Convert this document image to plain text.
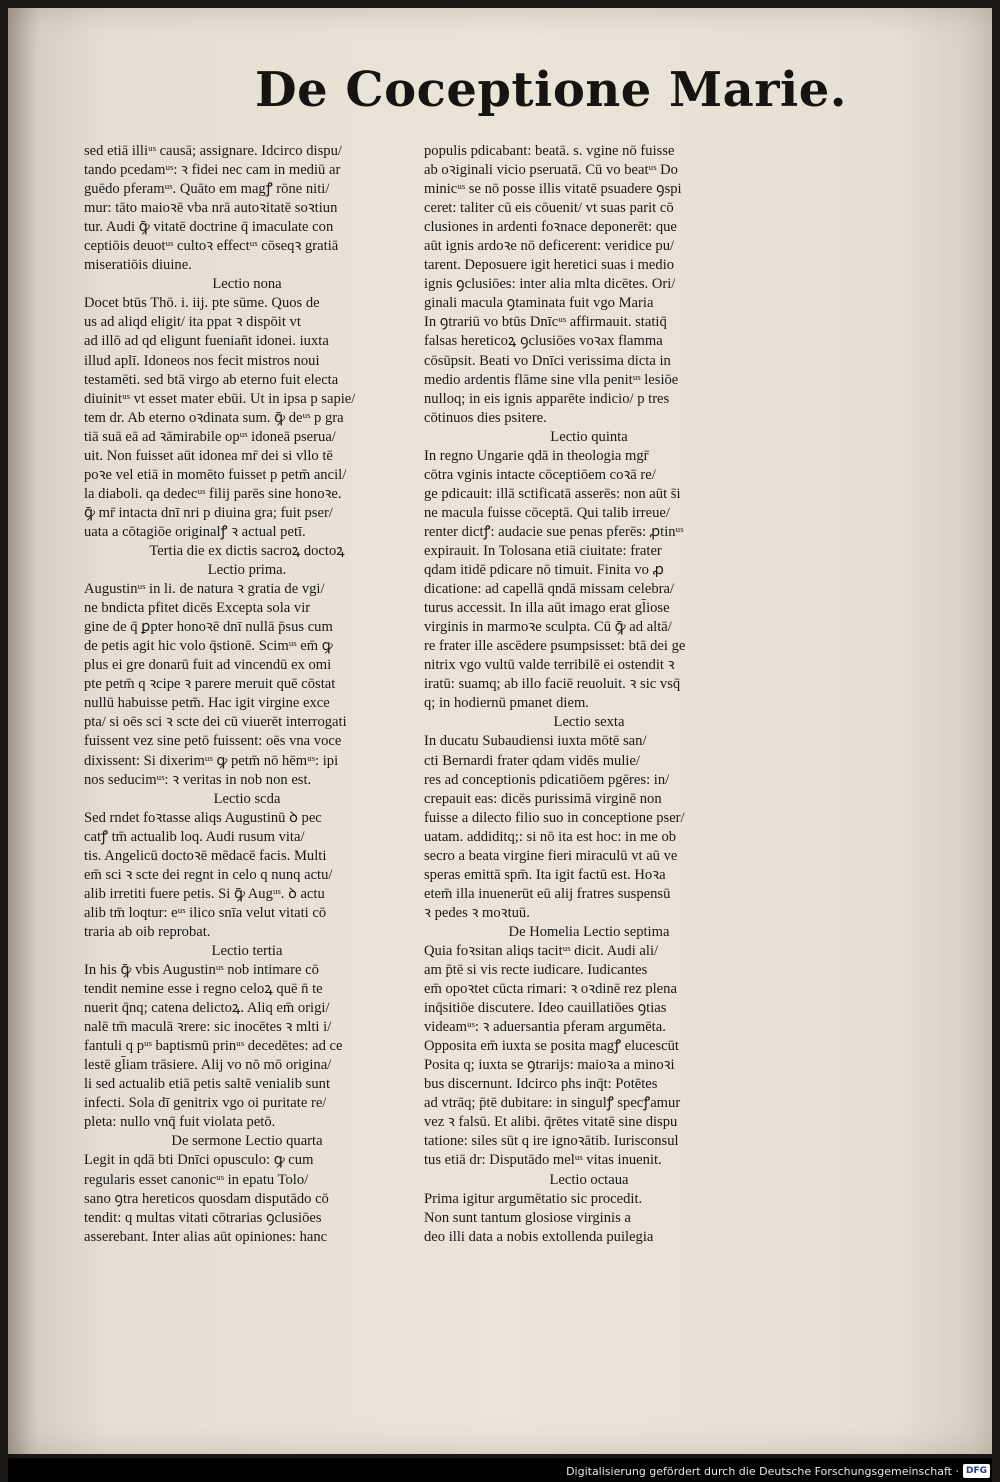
De Coceptione Marie.

sed etiā illiᵘˢ causā; assignare. Idcirco dispu/

tando pcedamᵘˢ: ꝛ fidei nec cam in mediū ar

guēdo pferamᵘˢ. Quāto em magꝭ rōne niti/

mur: tāto maioꝛē vba nrā autoꝛitatē soꝛtiun

tur. Audi ꝙ̄ vitatē doctrine q̄ imaculate con

ceptiōis deuotᵘˢ cultoꝛ effectᵘˢ cōseqꝛ gratiā

miseratiōis diuine.

Lectio nona

Docet btūs Thō. i. iij. pte sūme. Quos de

us ad aliqd eligit/ ita ppat ꝛ dispōit vt

ad illō ad qd eligunt fuenian̄t idonei. iuxta

illud aplī. Idoneos nos fecit mistros noui

testamēti. sed btā virgo ab eterno fuit electa

diuinitᵘˢ vt esset mater ebūi. Ut in ipsa p sapie/

tem dr. Ab eterno oꝛdinata sum. ꝙ̄ deᵘˢ p gra

tiā suā eā ad ꝛāmirabile opᵘˢ idoneā pserua/

uit. Non fuisset aūt idonea mr̄ dei si vllo tē

poꝛe vel etiā in momēto fuisset p petm̄ ancil/

la diaboli. qa dedecᵘˢ filij parēs sine honoꝛe.

ꝙ̄ mr̄ intacta dnī nri p diuina gra; fuit pser/

uata a cōtagiōe originalꝭ ꝛ actual petī.

Tertia die ex dictis sacroꝝ doctoꝝ

Lectio prima.

Augustinᵘˢ in li. de natura ꝛ gratia de vgi/

ne bndicta pfitet dicēs Excepta sola vir

gine de q̄ ꝑpter honoꝛē dnī nullā p̄sus cum

de petis agit hic volo q̄stionē. Scimᵘˢ em̄ ꝙ

plus ei gre donarū fuit ad vincendū ex omi

pte petm̄ q ꝛcipe ꝛ parere meruit quē cōstat

nullū habuisse petm̄. Hac igit virgine exce

pta/ si oēs sci ꝛ scte dei cū viuerēt interrogati

fuissent vez sine petō fuissent: oēs vna voce

dixissent: Si dixerimᵘˢ ꝙ petm̄ nō hēmᵘˢ: ipi

nos seducimᵘˢ: ꝛ veritas in nob non est.

Lectio scda

Sed rndet foꝛtasse aliqs Augustinū ꝺ pec

catꝭ tm̄ actualib loq. Audi rusum vita/

tis. Angelicū doctoꝛē mēdacē facis. Multi

em̄ sci ꝛ scte dei regnt in celo q nunq actu/

alib irretiti fuere petis. Si ꝙ̄ Augᵘˢ. ꝺ actu

alib tm̄ loqtur: eᵘˢ ilico snīa velut vitati cō

traria ab oib reprobat.

Lectio tertia

In his ꝙ̄ vbis Augustinᵘˢ nob intimare cō

tendit nemine esse i regno celoꝝ quē n̄ te

nuerit q̄nq; catena delictoꝝ. Aliq em̄ origi/

nalē tm̄ maculā ꝛrere: sic inocētes ꝛ mlti i/

fantuli q pᵘˢ baptismū prinᵘˢ decedētes: ad ce

lestē gl̄iam trāsiere. Alij vo nō mō origina/

li sed actualib etiā petis saltē venialib sunt

infecti. Sola dī genitrix vgo oi puritate re/

pleta: nullo vnq̄ fuit violata petō.

De sermone Lectio quarta

Legit in qdā bti Dnīci opusculo: ꝙ cum

regularis esset canonicᵘˢ in epatu Tolo/

sano ꝯtra hereticos quosdam disputādo cō

tendit: q multas vitati cōtrarias ꝯclusiōes

asserebant. Inter alias aūt opiniones: hanc

populis pdicabant: beatā. s. vgine nō fuisse

ab oꝛiginali vicio pseruatā. Cū vo beatᵘˢ Do

minicᵘˢ se nō posse illis vitatē psuadere ꝯspi

ceret: taliter cū eis cōuenit/ vt suas parit cō

clusiones in ardenti foꝛnace deponerēt: que

aūt ignis ardoꝛe nō deficerent: veridice pu/

tarent. Deposuere igit heretici suas i medio

ignis ꝯclusiōes: inter alia mlta dicētes. Ori/

ginali macula ꝯtaminata fuit vgo Maria

In ꝯtrariū vo btūs Dnīcᵘˢ affirmauit. statiq̄

falsas hereticoꝝ ꝯclusiōes voꝛax flamma

cōsūpsit. Beati vo Dnīci verissima dicta in

medio ardentis flāme sine vlla penitᵘˢ lesiōe

nulloq; in eis ignis apparēte indicio/ p tres

cōtinuos dies psitere.

Lectio quinta

In regno Ungarie qdā in theologia mgr̄

cōtra vginis intacte cōceptiōem coꝛā re/

ge pdicauit: illā sctificatā asserēs: non aūt s̄i

ne macula fuisse cōceptā. Qui talib irreue/

renter dictꝭ: audacie sue penas pferēs: ꝓtinᵘˢ

expirauit. In Tolosana etiā ciuitate: frater

qdam itidē pdicare nō timuit. Finita vo ꝓ

dicatione: ad capellā qndā missam celebra/

turus accessit. In illa aūt imago erat gl̄iose

virginis in marmoꝛe sculpta. Cū ꝙ̄ ad altā/

re frater ille ascēdere psumpsisset: btā dei ge

nitrix vgo vultū valde terribilē ei ostendit ꝛ

iratū: suamq; ab illo faciē reuoluit. ꝛ sic vsq̄

q; in hodiernū pmanet diem.

Lectio sexta

In ducatu Subaudiensi iuxta mōtē san/

cti Bernardi frater qdam vidēs mulie/

res ad conceptionis pdicatiōem pgēres: in/

crepauit eas: dicēs purissimā virginē non

fuisse a dilecto filio suo in conceptione pser/

uatam. addiditq;: si nō ita est hoc: in me ob

secro a beata virgine fieri miraculū vt aū ve

speras emittā spm̄. Ita igit factū est. Hoꝛa

etem̄ illa inuenerūt eū alij fratres suspensū

ꝛ pedes ꝛ moꝛtuū.

De Homelia Lectio septima

Quia foꝛsitan aliqs tacitᵘˢ dicit. Audi ali/

am p̄tē si vis recte iudicare. Iudicantes

em̄ opoꝛtet cūcta rimari: ꝛ oꝛdinē rez plena

inq̄sitiōe discutere. Ideo cauillatiōes ꝯtias

videamᵘˢ: ꝛ aduersantia pferam argumēta.

Opposita em̄ iuxta se posita magꝭ elucescūt

Posita q; iuxta se ꝯtrarijs: maioꝛa a minoꝛi

bus discernunt. Idcirco phs inq̄t: Potētes

ad vtrāq; p̄tē dubitare: in singulꝭ specꝭamur

vez ꝛ falsū. Et alibi. q̄rētes vitatē sine dispu

tatione: siles sūt q ire ignoꝛātib. Iurisconsul

tus etiā dr: Disputādo melᵘˢ vitas inuenit.

Lectio octaua

Prima igitur argumētatio sic procedit.

Non sunt tantum glosiose virginis a

deo illi data a nobis extollenda puilegia

Digitalisierung gefördert durch die Deutsche Forschungsgemeinschaft · DFG
